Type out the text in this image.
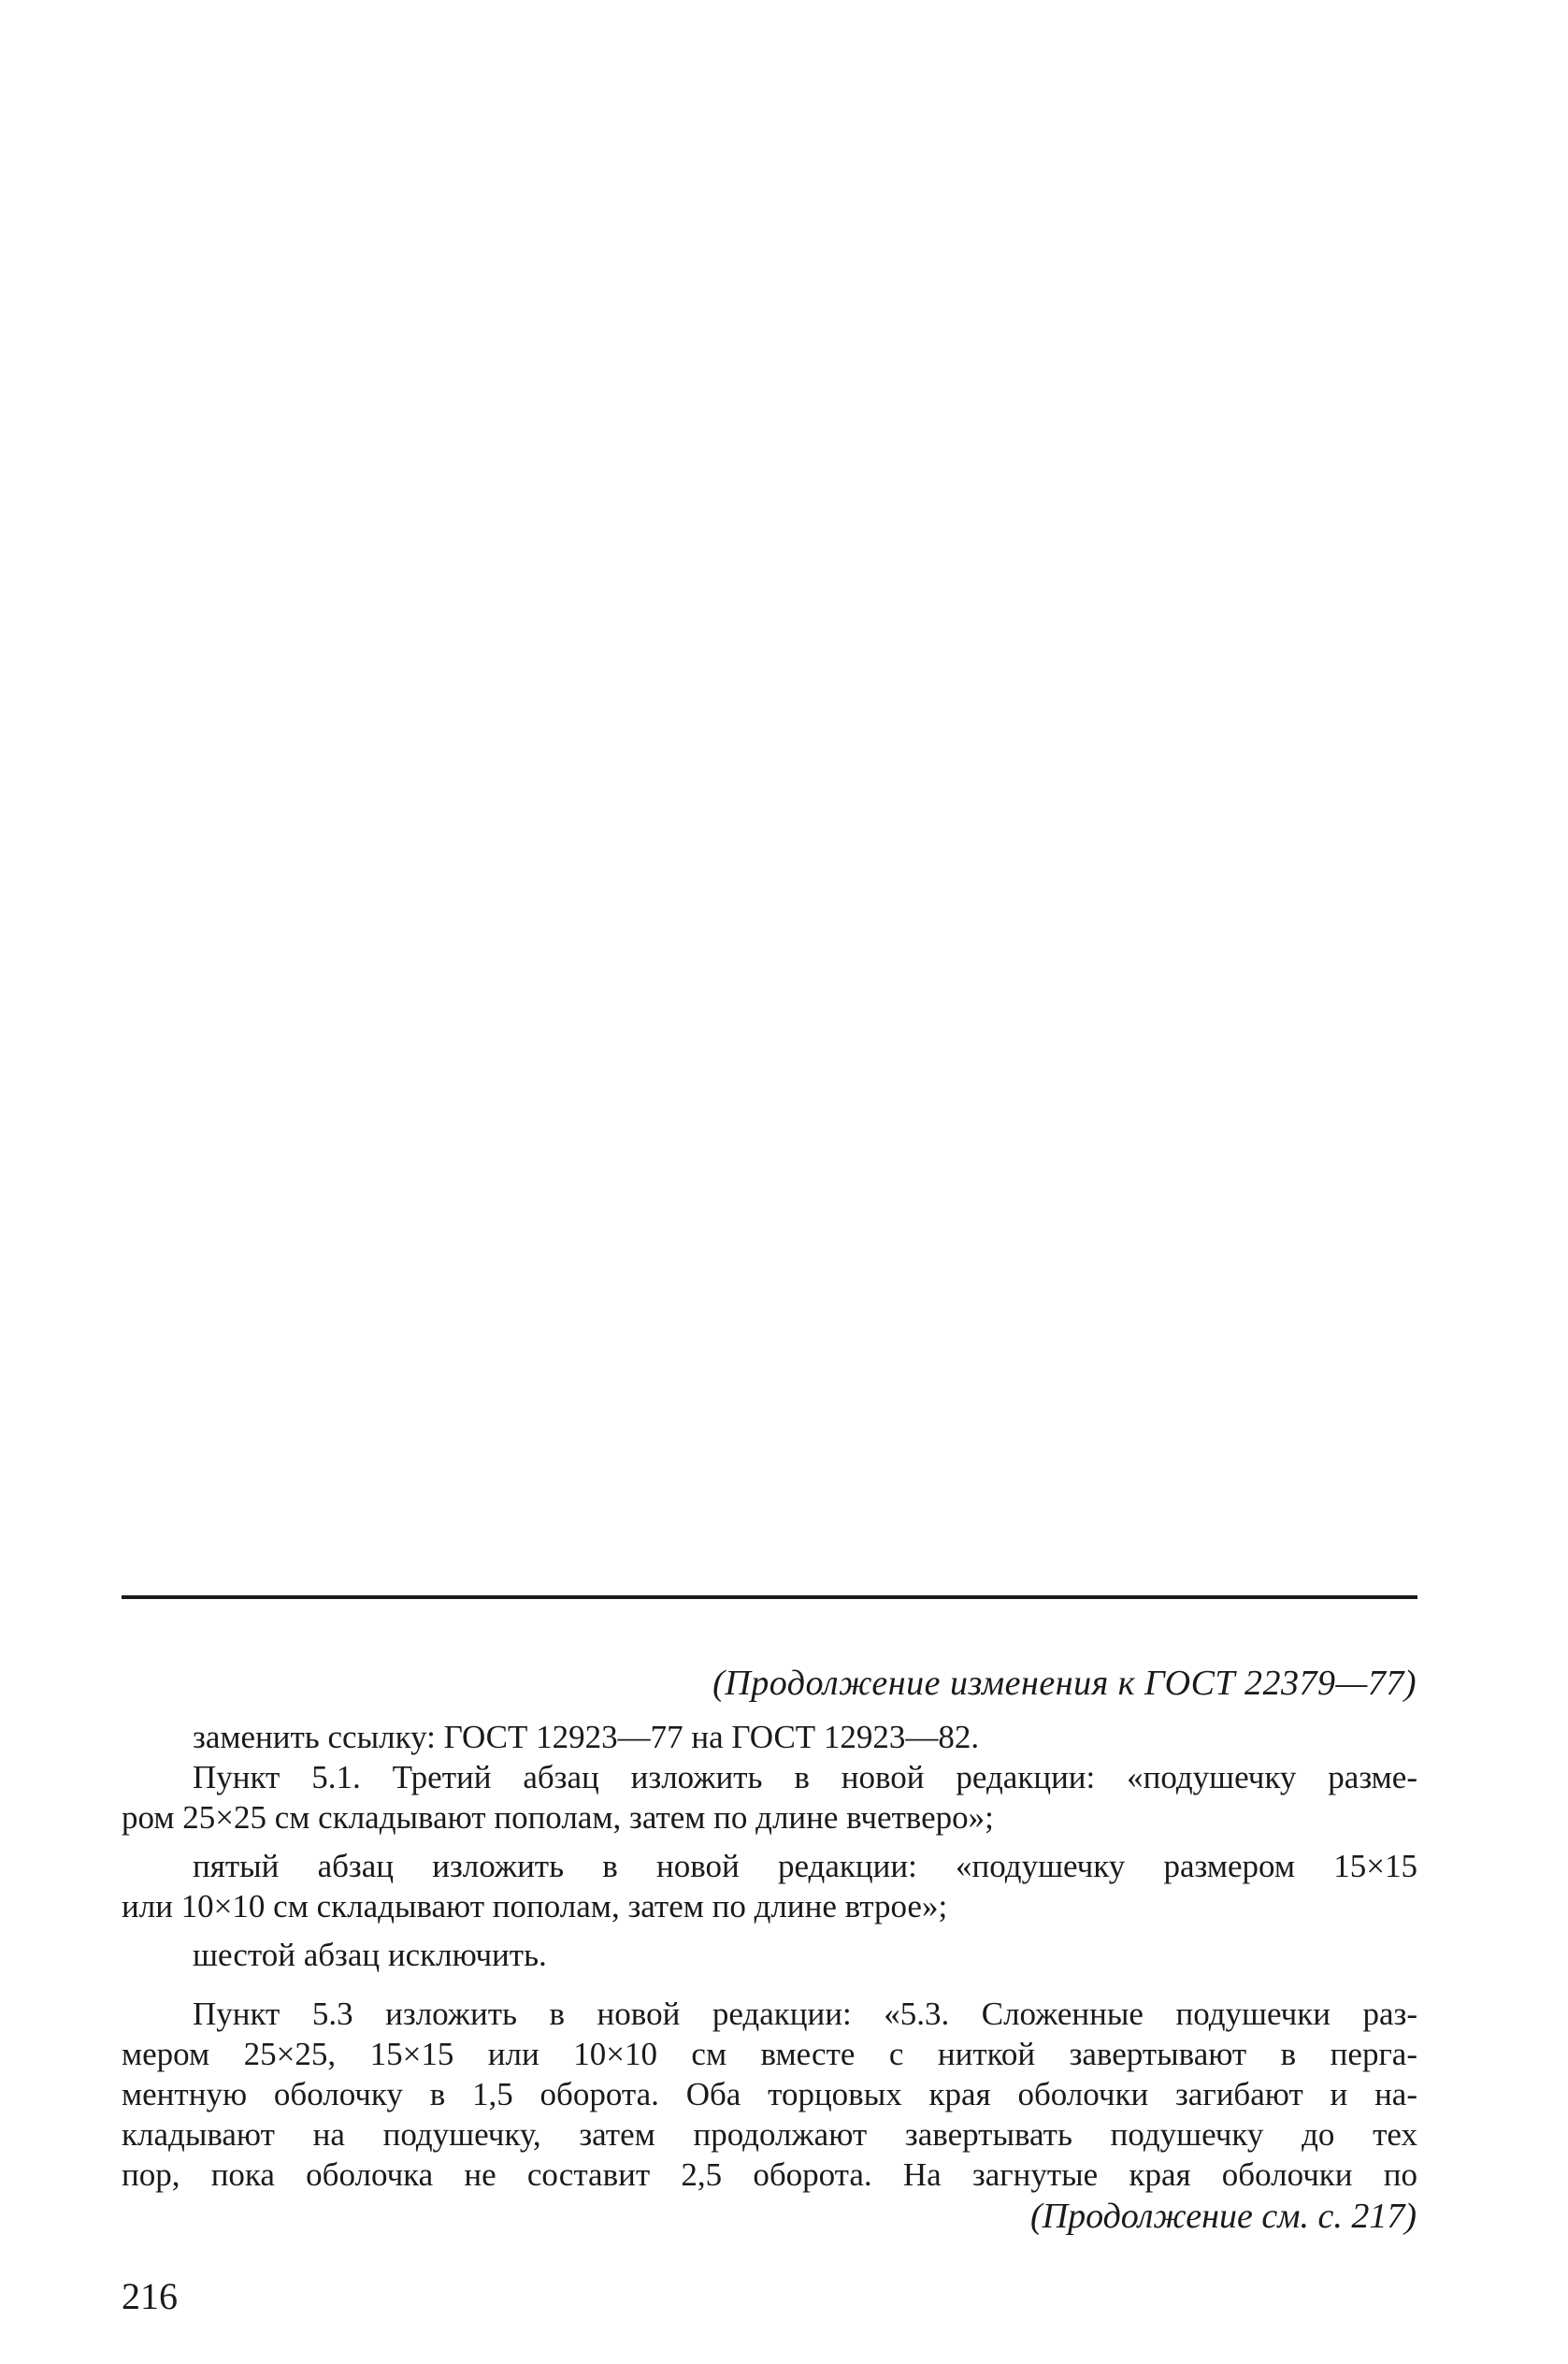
(Продолжение изменения к ГОСТ 22379—77)
заменить ссылку: ГОСТ 12923—77 на ГОСТ 12923—82.
Пункт 5.1. Третий абзац изложить в новой редакции: «подушечку разме-
ром 25×25 см складывают пополам, затем по длине вчетверо»;
пятый абзац изложить в новой редакции: «подушечку размером 15×15
или 10×10 см складывают пополам, затем по длине втрое»;
шестой абзац исключить.
Пункт 5.3 изложить в новой редакции: «5.3. Сложенные подушечки раз-
мером 25×25, 15×15 или 10×10 см вместе с ниткой завертывают в перга-
ментную оболочку в 1,5 оборота. Оба торцовых края оболочки загибают и на-
кладывают на подушечку, затем продолжают завертывать подушечку до тех
пор, пока оболочка не составит 2,5 оборота. На загнутые края оболочки по
(Продолжение см. с. 217)
216
